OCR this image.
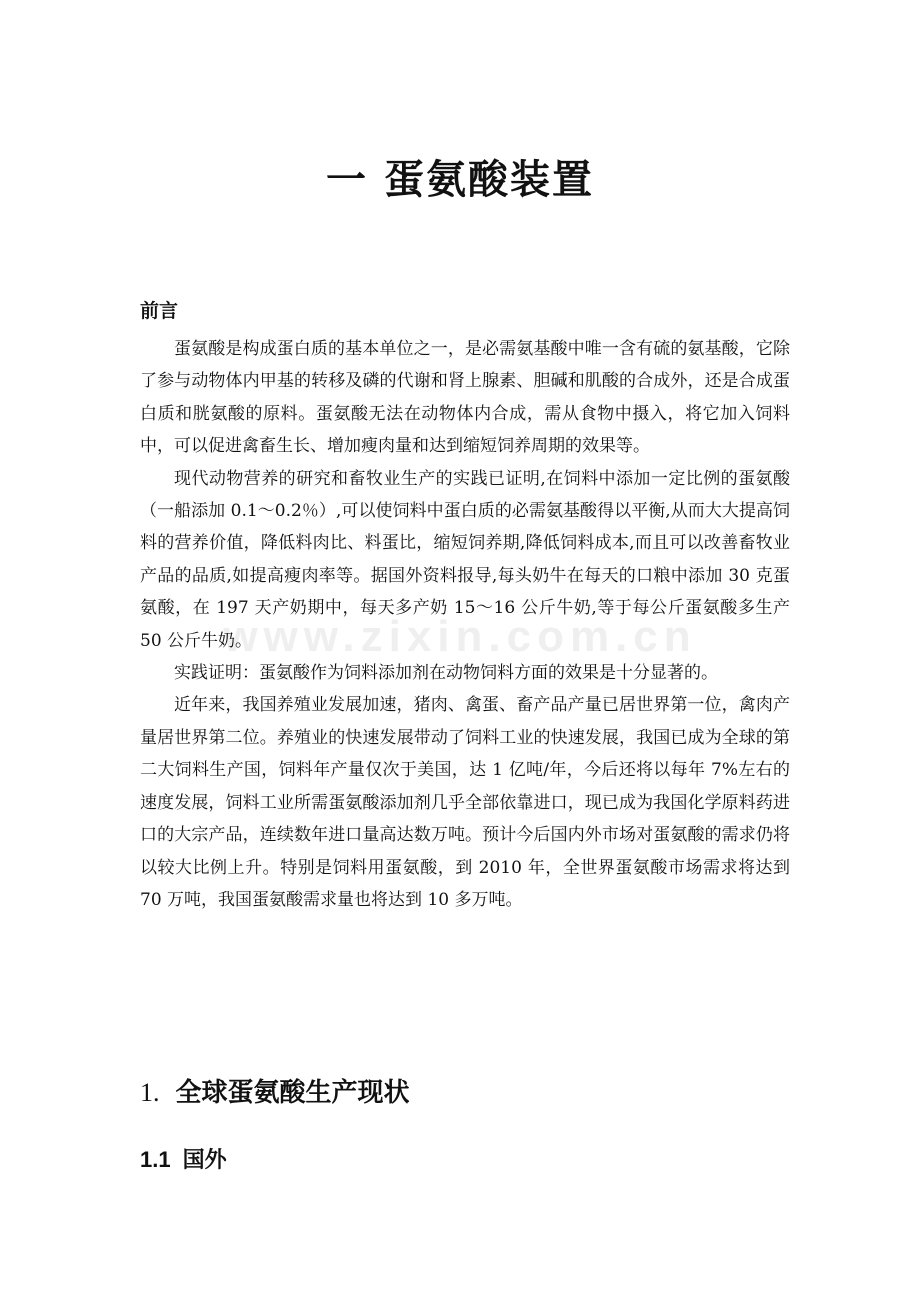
www.zixin.com.cn
一 蛋氨酸装置
前言

蛋氨酸是构成蛋白质的基本单位之一，是必需氨基酸中唯一含有硫的氨基酸，它除了参与动物体内甲基的转移及磷的代谢和肾上腺素、胆碱和肌酸的合成外，还是合成蛋白质和胱氨酸的原料。蛋氨酸无法在动物体内合成，需从食物中摄入，将它加入饲料中，可以促进禽畜生长、增加瘦肉量和达到缩短饲养周期的效果等。

现代动物营养的研究和畜牧业生产的实践已证明,在饲料中添加一定比例的蛋氨酸（一船添加 0.1～0.2％）,可以使饲料中蛋白质的必需氨基酸得以平衡,从而大大提高饲料的营养价值，降低料肉比、料蛋比，缩短饲养期,降低饲料成本,而且可以改善畜牧业产品的品质,如提高瘦肉率等。据国外资料报导,每头奶牛在每天的口粮中添加 30 克蛋氨酸，在 197 天产奶期中，每天多产奶 15～16 公斤牛奶,等于每公斤蛋氨酸多生产 50 公斤牛奶。

实践证明：蛋氨酸作为饲料添加剂在动物饲料方面的效果是十分显著的。

近年来，我国养殖业发展加速，猪肉、禽蛋、畜产品产量已居世界第一位，禽肉产量居世界第二位。养殖业的快速发展带动了饲料工业的快速发展，我国已成为全球的第二大饲料生产国，饲料年产量仅次于美国，达 1 亿吨/年，今后还将以每年 7%左右的速度发展，饲料工业所需蛋氨酸添加剂几乎全部依靠进口，现已成为我国化学原料药进口的大宗产品，连续数年进口量高达数万吨。预计今后国内外市场对蛋氨酸的需求仍将以较大比例上升。特别是饲料用蛋氨酸，到 2010 年，全世界蛋氨酸市场需求将达到 70 万吨，我国蛋氨酸需求量也将达到 10 多万吨。

1. 全球蛋氨酸生产现状
1.1 国外
